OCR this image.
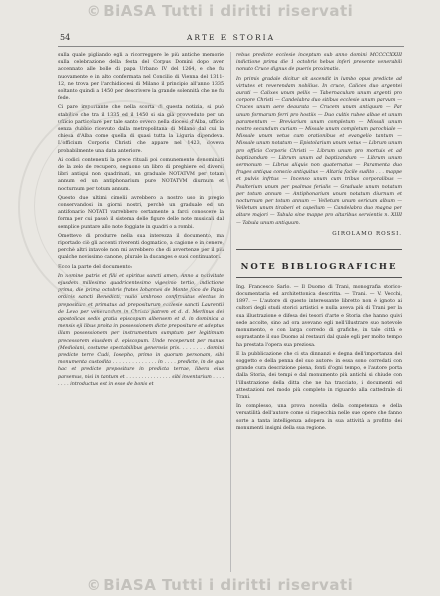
© BiASA Tutti i diritti riservati
54	ARTE E STORIA

sulla quale pigliando egli a ricorreggere le più antiche memorie sulla celebrazione della festa del Corpus Domini dopo aver accennato alle bolle di papa Urbano IV del 1264, e che fu nuovamente e in alto confermata nel Concilio di Vienna del 1311-12, ne trova per l'archidiocesi di Milano il principio all'anno 1335 soltanto quindi a 1450 per descrivere la grande solennità che ne fu fede.

Ci pare importante che nella scorta di questa notizia, si può stabilire che tra il 1335 ed il 1450 si sia già provveduto per un ufficio particolare per tale santo ovvero nella diocesi d'Alba, ufficio senza dubbio ricevuto dalla metropolitana di Milano dal cui la chiesa d'Alba come quella di quasi tutta la Liguria dipendeva. L'officium Corporis Christi che appare nel 1423, doveva probabilmente una data anteriore.

Ai codici contenenti la prece rituali poi comunemente denominati de la zelo de recupero, seguono un libro di preghiere ed diversi libri antiqui non quadrinati, un graduale NOTATVM per totam annum ed un antiphonarium pure NOTATVM diurnum et nocturnum per totum annum.

Questo due ultimi cimelii avrebbero a nostro uso in pregio conservandosi in giorni nostri, perchè un graduale ed un antifonario NOTATI varrebbero certamente a farci conoscere la forma per cui passò il sistema delle figure delle note musicali dal semplice puntare allo note foggiate in quadri o a rombi.

Omettevo di produrre nella sua interezza il documento, ma riportado ciò gli accenti riverenti dogmatico, a cagione e in cenere, perchè altri intavole non mi avrebbero che di avvertenze per il più qualche novissimo canone, plurale la ducanges e suoi continuatori.

Ecco la parte del documento:

In nomine patris et filii et spiritus sancti amen. Anno a nativitate ejusdem millesimo quadricentesimo vigesimo tertio, indictione prima, die prima octobris frates Iohannes de Monte foco de Papia ordinis sancti Benedicti, nullo umbroso confirmatus electus in prepositum et primatus ad prepositurum ecclesie sancti Laurentii de Levo per venerandum in Christo patrem et d. d. Merlinus dei apostolicas sedis gratia episcopum albensem et d. in dominica a mensis eji libus proita in possessionem dicte prepositure et adeptus illam possessionem per instrumentum sumptum per legitimum precessorem eiusdem d. episcopum. Unde receperunt per manus (Mediolani, costume spectabilibus generosis pris. . . . . . . . domini predicte terre Cudi, Iosepho, primo in quorum personam, sibi monumenta custodita . . . . . . . . . . . . . . in . . . . predicte, in de qua hac et predicte prepositure in predicta terrae, libera eius parsemus, nisi in tantum et . . . . . . . . . . . . . . . sibi inventarium . . . . . . . . introductus est in esse de bonis et

rebus predicte ecclesie inceptum sub anno domini MCCCCXXIII indictione prima die 1 octobris hebus inferi presente venerabili nonuto Cruce dignus de pueris proximatis.

In primis gradale dicitur sit ascendit in lumbo opus predicte ad virtutes et reverendam nobilius. In cruce, Calices duo argentei aurati — Calixes unum pellis — Tabernaculum unum argenti pro corpore Christi — Candelabra duo sitibus ecclesie unum parvum — Cruces unum aere deaurata — Crucem unum antiquum — Par unum formarum ferri pro hostiis — Duo cultis rubee albae et unum paramentum — Breviarium unum completum — Missali unum nostro secundum curiam — Missale unum completum parochiale — Missale unum vetus cum orationibus et evangelio tantum — Missale unum notatum — Epistolarium unum vetus — Librum unum pro officio Corporis Christi — Librum unum pro mortuis et ad baptizandum — Librum unum ad baptizandum — Librum unum sermonum — Librus aliquis non quaternatus — Paramenta duo fruges antiqua conscio antiquitus — Altaria facile sudito . . . mappe et pulvis infrtus — Incenso unum cum tribus corporalibus — Psalterium unum per psalmas ferialis — Graduale unum notatum per totum annum — Antiphonarium unum notatum diurnum et nocturnum per totum annum — Velletum unum sericum album — Velletum unum tiraberi et capellum — Candelabra duo magna per altare majori — Tabula sine mappe pro altaribus servientis n. XIIII — Tabula unum antiquum.

GIROLAMO ROSSI.

NOTE BIBLIOGRAFICHE

Ing. Francesco Sarlo. — Il Duomo di Trani, monografia storico-documentaria ed architettonica descritta. — Trani. — V. Vecchi, 1897. — L'autore di questo interessante libretto non è ignoto ai cultori degli studi storici artistici e nulla aveva più di Trani per la sua illustrazione e difesa dei tesori d'arte e Storia che hanno quivi sede accolte, sino ad ora avevano egli nell'illustrare suo notevole monumento, e con larga corredo di grafiche, in tale città e soprastante il suo Duomo al restauri dal quale egli per molto tempo ha prestata l'opera sua preziosa.

E la pubblicazione che ci sta dinnanzi e degna dell'importanza del soggetto e della penna del suo autore: in essa sono corredati con grande cura descrizione piena, fonti d'ogni tempo, e l'autore porta dalla Storia, dei tempi e dal monumento più antichi si chiude con l'illustrazione della ditta che ne ha tracciato, i documenti ed attestazioni nel modo più completo in riguardo alla cattedrale di Trani.

In complesso, una prova novella della competenza e della versatilità dell'autore come si rispecchia nelle sue opere che fanno sorte a tanta intelligenza adopera in sua attività a profitto dei monumenti insigni della sua regione.

© BiASA Tutti i diritti riservati
